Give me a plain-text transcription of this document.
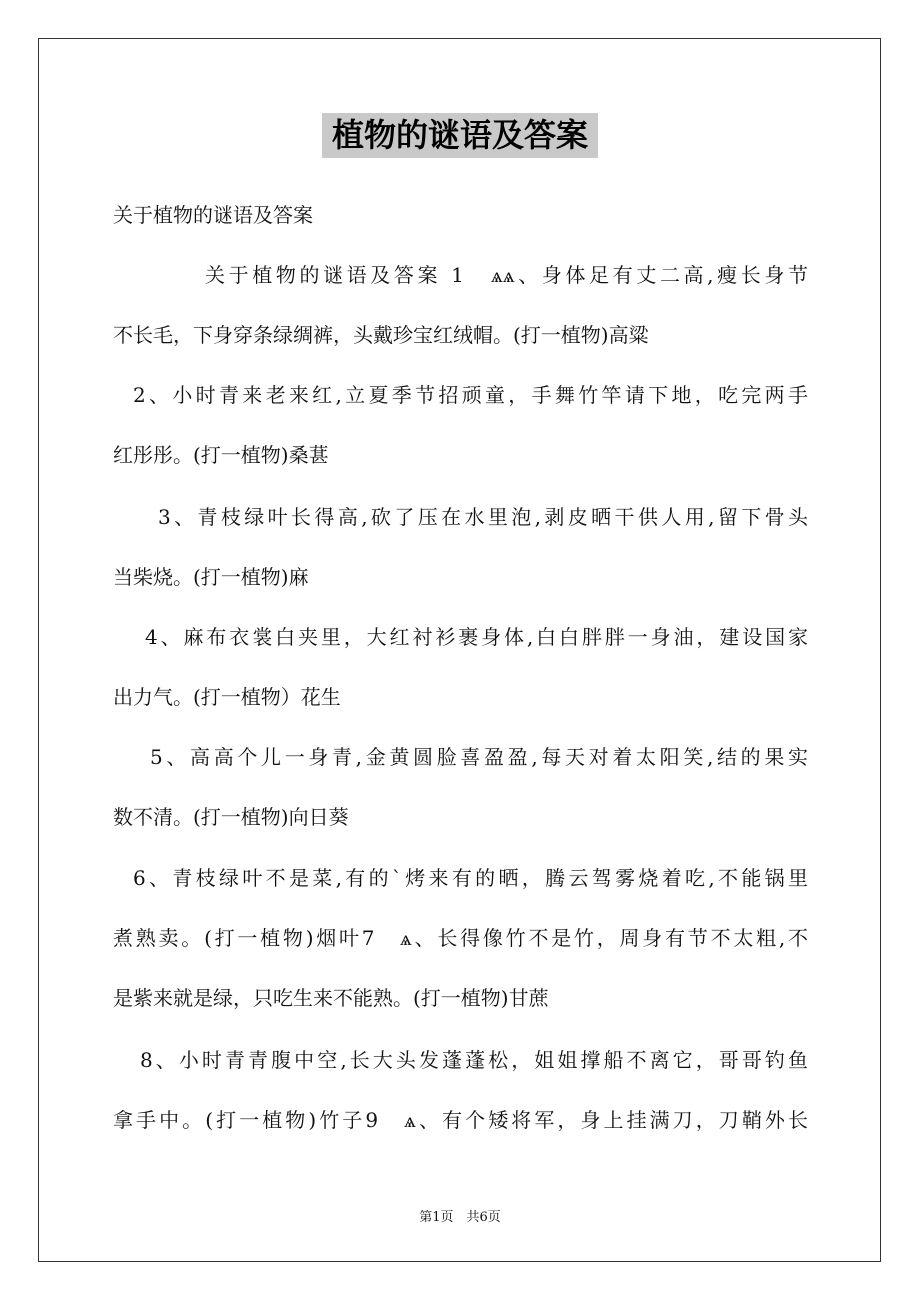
植物的谜语及答案
关于植物的谜语及答案
关于植物的谜语及答案 1　ѧѧ、身体足有丈二高,瘦长身节
不长毛，下身穿条绿绸裤，头戴珍宝红绒帽。(打一植物)高粱
2、小时青来老来红,立夏季节招顽童，手舞竹竿请下地，吃完两手
红彤彤。(打一植物)桑葚
3、青枝绿叶长得高,砍了压在水里泡,剥皮晒干供人用,留下骨头
当柴烧。(打一植物)麻
4、麻布衣裳白夹里，大红衬衫裹身体,白白胖胖一身油，建设国家
出力气。(打一植物）花生
5、高高个儿一身青,金黄圆脸喜盈盈,每天对着太阳笑,结的果实
数不清。(打一植物)向日葵
6、青枝绿叶不是菜,有的`烤来有的晒，腾云驾雾烧着吃,不能锅里
煮熟卖。(打一植物)烟叶7　ѧ、长得像竹不是竹，周身有节不太粗,不
是紫来就是绿，只吃生来不能熟。(打一植物)甘蔗
8、小时青青腹中空,长大头发蓬蓬松，姐姐撑船不离它，哥哥钓鱼
拿手中。(打一植物)竹子9　ѧ、有个矮将军，身上挂满刀，刀鞘外长
第1页　共6页
